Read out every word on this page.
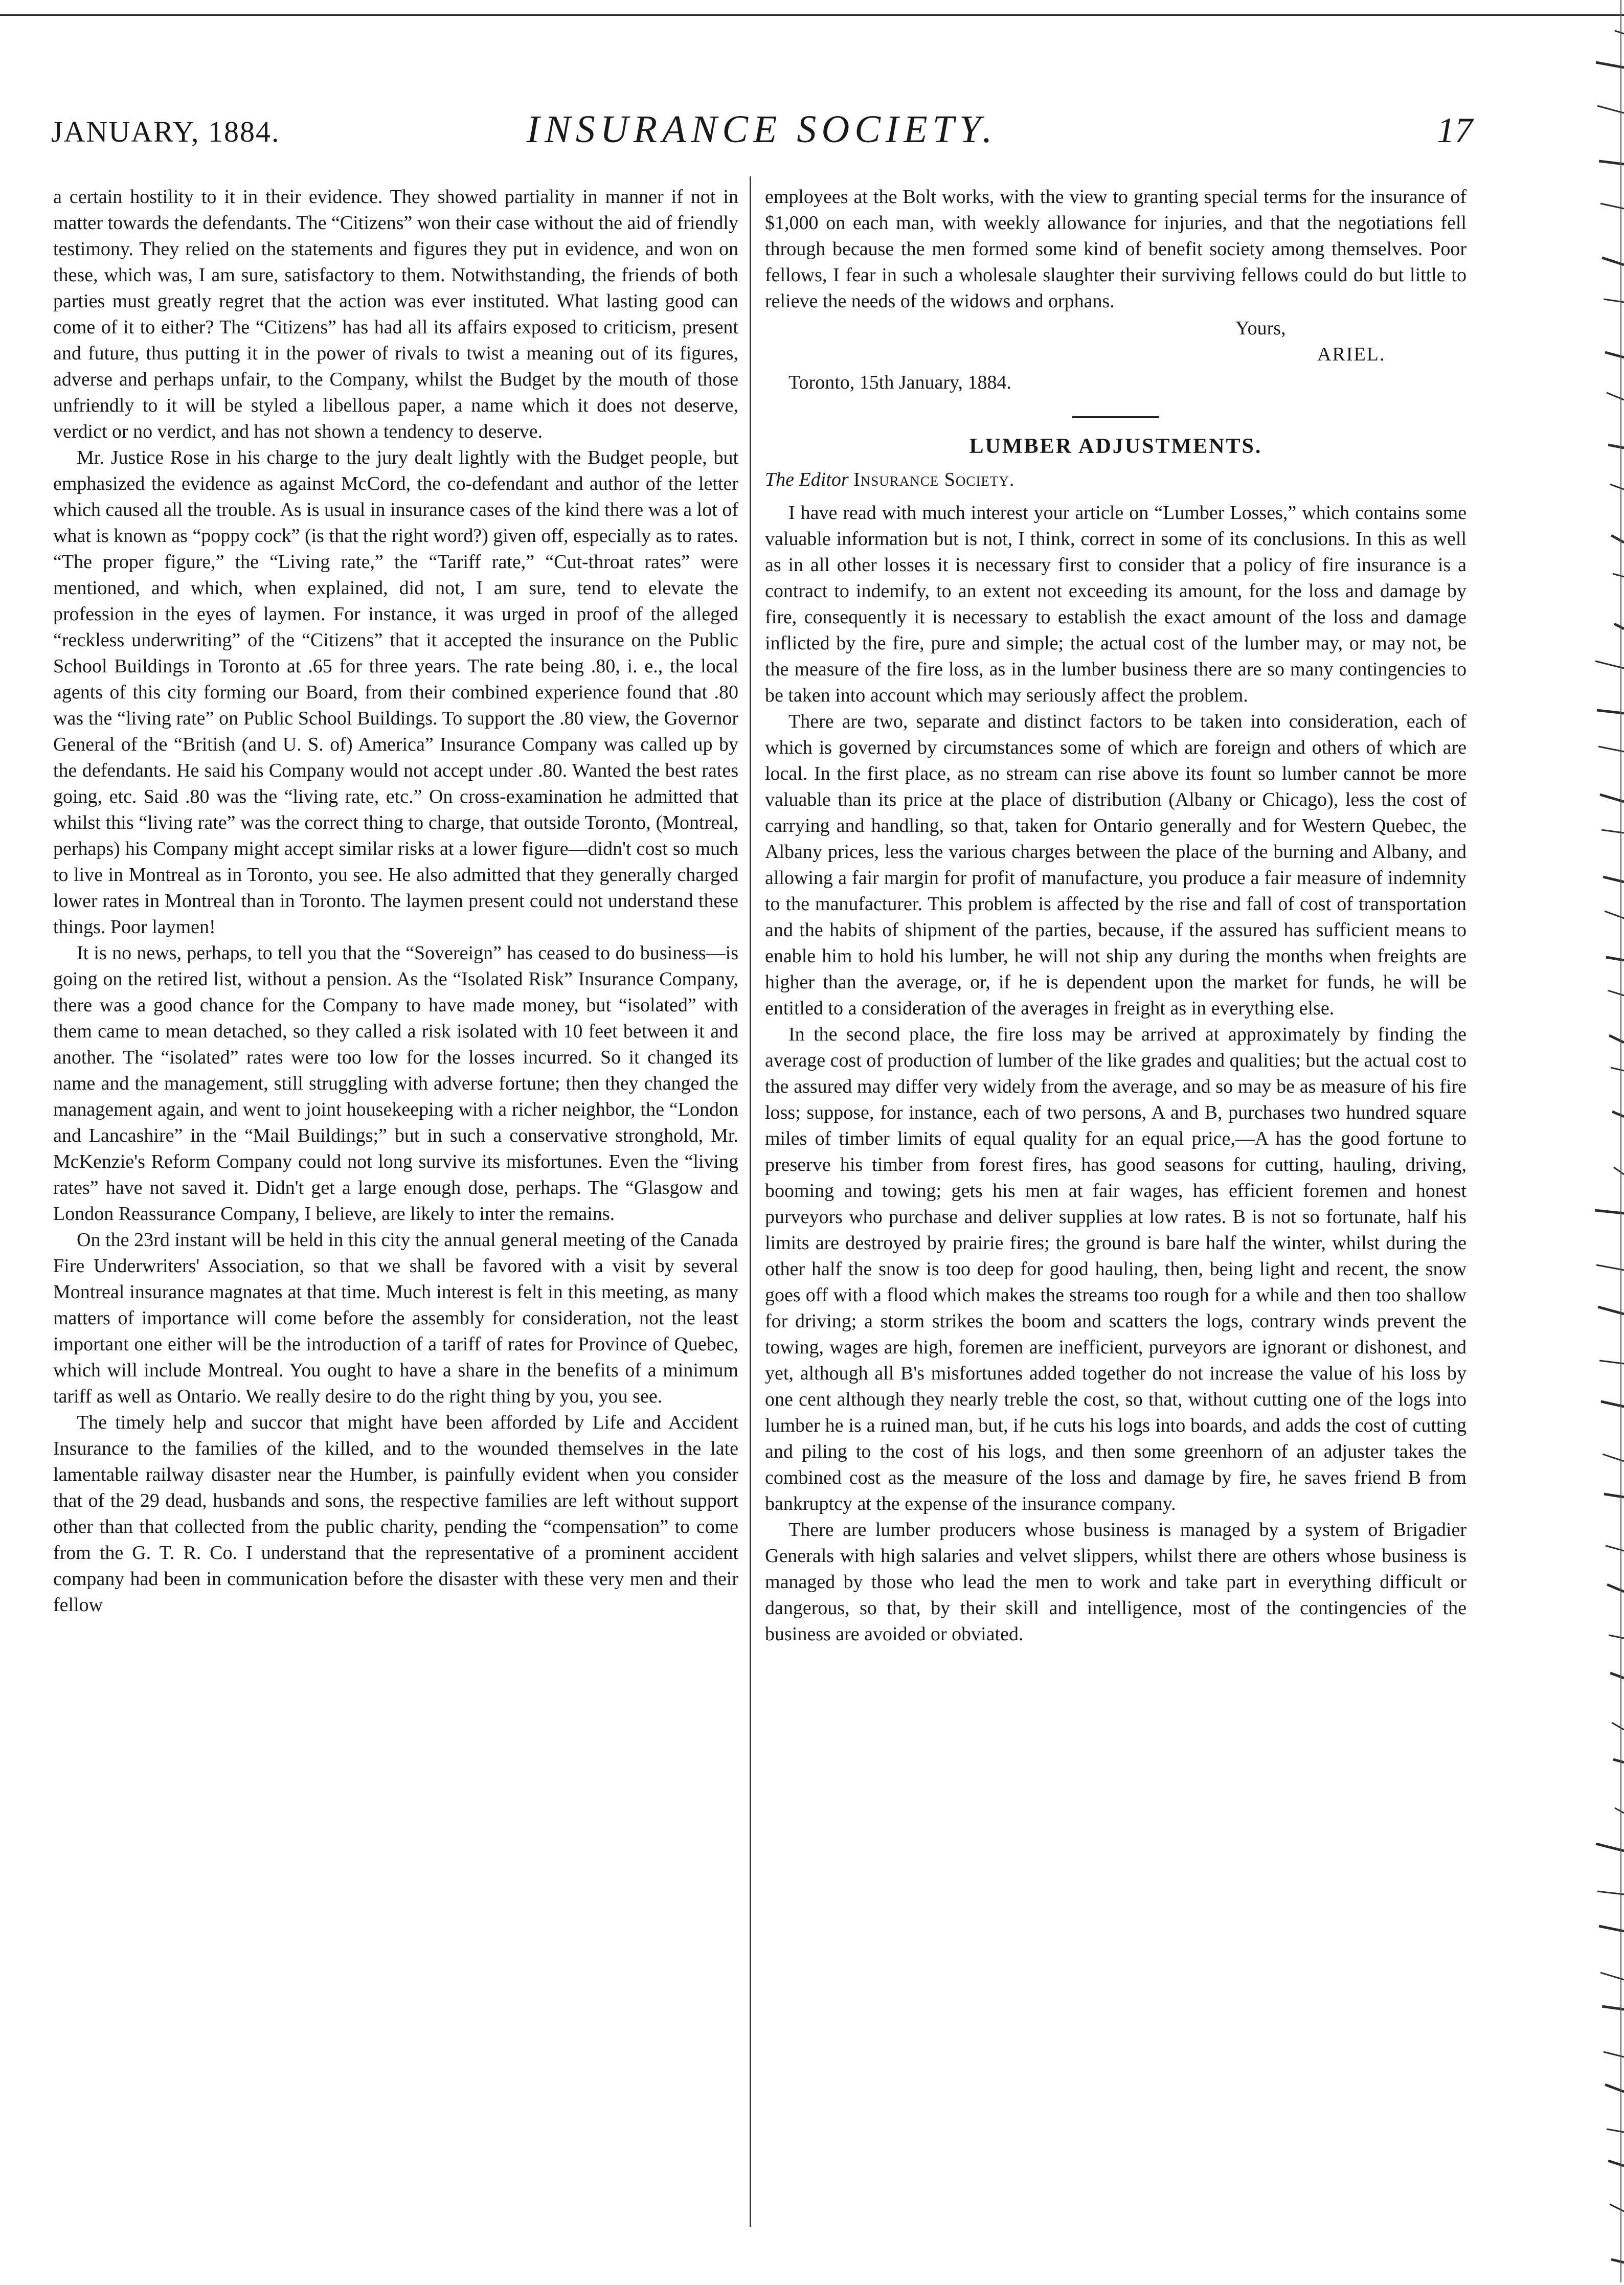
JANUARY, 1884.	INSURANCE SOCIETY.	17

a certain hostility to it in their evidence. They showed partiality in manner if not in matter towards the defendants. The “Citizens” won their case without the aid of friendly testimony. They relied on the statements and figures they put in evidence, and won on these, which was, I am sure, satisfactory to them. Notwithstanding, the friends of both parties must greatly regret that the action was ever instituted. What lasting good can come of it to either? The “Citizens” has had all its affairs exposed to criticism, present and future, thus putting it in the power of rivals to twist a meaning out of its figures, adverse and perhaps unfair, to the Company, whilst the Budget by the mouth of those unfriendly to it will be styled a libellous paper, a name which it does not deserve, verdict or no verdict, and has not shown a tendency to deserve.

Mr. Justice Rose in his charge to the jury dealt lightly with the Budget people, but emphasized the evidence as against McCord, the co-defendant and author of the letter which caused all the trouble. As is usual in insurance cases of the kind there was a lot of what is known as “poppy cock” (is that the right word?) given off, especially as to rates. “The proper figure,” the “Living rate,” the “Tariff rate,” “Cut-throat rates” were mentioned, and which, when explained, did not, I am sure, tend to elevate the profession in the eyes of laymen. For instance, it was urged in proof of the alleged “reckless underwriting” of the “Citizens” that it accepted the insurance on the Public School Buildings in Toronto at .65 for three years. The rate being .80, i. e., the local agents of this city forming our Board, from their combined experience found that .80 was the “living rate” on Public School Buildings. To support the .80 view, the Governor General of the “British (and U. S. of) America” Insurance Company was called up by the defendants. He said his Company would not accept under .80. Wanted the best rates going, etc. Said .80 was the “living rate, etc.” On cross-examination he admitted that whilst this “living rate” was the correct thing to charge, that outside Toronto, (Montreal, perhaps) his Company might accept similar risks at a lower figure—didn't cost so much to live in Montreal as in Toronto, you see. He also admitted that they generally charged lower rates in Montreal than in Toronto. The laymen present could not understand these things. Poor laymen!

It is no news, perhaps, to tell you that the “Sovereign” has ceased to do business—is going on the retired list, without a pension. As the “Isolated Risk” Insurance Company, there was a good chance for the Company to have made money, but “isolated” with them came to mean detached, so they called a risk isolated with 10 feet between it and another. The “isolated” rates were too low for the losses incurred. So it changed its name and the management, still struggling with adverse fortune; then they changed the management again, and went to joint housekeeping with a richer neighbor, the “London and Lancashire” in the “Mail Buildings;” but in such a conservative stronghold, Mr. McKenzie's Reform Company could not long survive its misfortunes. Even the “living rates” have not saved it. Didn't get a large enough dose, perhaps. The “Glasgow and London Reassurance Company, I believe, are likely to inter the remains.

On the 23rd instant will be held in this city the annual general meeting of the Canada Fire Underwriters' Association, so that we shall be favored with a visit by several Montreal insurance magnates at that time. Much interest is felt in this meeting, as many matters of importance will come before the assembly for consideration, not the least important one either will be the introduction of a tariff of rates for Province of Quebec, which will include Montreal. You ought to have a share in the benefits of a minimum tariff as well as Ontario. We really desire to do the right thing by you, you see.

The timely help and succor that might have been afforded by Life and Accident Insurance to the families of the killed, and to the wounded themselves in the late lamentable railway disaster near the Humber, is painfully evident when you consider that of the 29 dead, husbands and sons, the respective families are left without support other than that collected from the public charity, pending the “compensation” to come from the G. T. R. Co. I understand that the representative of a prominent accident company had been in communication before the disaster with these very men and their fellow

employees at the Bolt works, with the view to granting special terms for the insurance of $1,000 on each man, with weekly allowance for injuries, and that the negotiations fell through because the men formed some kind of benefit society among themselves. Poor fellows, I fear in such a wholesale slaughter their surviving fellows could do but little to relieve the needs of the widows and orphans.

Yours,

ARIEL.

Toronto, 15th January, 1884.

LUMBER ADJUSTMENTS.

The Editor Insurance Society.

I have read with much interest your article on “Lumber Losses,” which contains some valuable information but is not, I think, correct in some of its conclusions. In this as well as in all other losses it is necessary first to consider that a policy of fire insurance is a contract to indemify, to an extent not exceeding its amount, for the loss and damage by fire, consequently it is necessary to establish the exact amount of the loss and damage inflicted by the fire, pure and simple; the actual cost of the lumber may, or may not, be the measure of the fire loss, as in the lumber business there are so many contingencies to be taken into account which may seriously affect the problem.

There are two, separate and distinct factors to be taken into consideration, each of which is governed by circumstances some of which are foreign and others of which are local. In the first place, as no stream can rise above its fount so lumber cannot be more valuable than its price at the place of distribution (Albany or Chicago), less the cost of carrying and handling, so that, taken for Ontario generally and for Western Quebec, the Albany prices, less the various charges between the place of the burning and Albany, and allowing a fair margin for profit of manufacture, you produce a fair measure of indemnity to the manufacturer. This problem is affected by the rise and fall of cost of transportation and the habits of shipment of the parties, because, if the assured has sufficient means to enable him to hold his lumber, he will not ship any during the months when freights are higher than the average, or, if he is dependent upon the market for funds, he will be entitled to a consideration of the averages in freight as in everything else.

In the second place, the fire loss may be arrived at approximately by finding the average cost of production of lumber of the like grades and qualities; but the actual cost to the assured may differ very widely from the average, and so may be as measure of his fire loss; suppose, for instance, each of two persons, A and B, purchases two hundred square miles of timber limits of equal quality for an equal price,—A has the good fortune to preserve his timber from forest fires, has good seasons for cutting, hauling, driving, booming and towing; gets his men at fair wages, has efficient foremen and honest purveyors who purchase and deliver supplies at low rates. B is not so fortunate, half his limits are destroyed by prairie fires; the ground is bare half the winter, whilst during the other half the snow is too deep for good hauling, then, being light and recent, the snow goes off with a flood which makes the streams too rough for a while and then too shallow for driving; a storm strikes the boom and scatters the logs, contrary winds prevent the towing, wages are high, foremen are inefficient, purveyors are ignorant or dishonest, and yet, although all B's misfortunes added together do not increase the value of his loss by one cent although they nearly treble the cost, so that, without cutting one of the logs into lumber he is a ruined man, but, if he cuts his logs into boards, and adds the cost of cutting and piling to the cost of his logs, and then some greenhorn of an adjuster takes the combined cost as the measure of the loss and damage by fire, he saves friend B from bankruptcy at the expense of the insurance company.

There are lumber producers whose business is managed by a system of Brigadier Generals with high salaries and velvet slippers, whilst there are others whose business is managed by those who lead the men to work and take part in everything difficult or dangerous, so that, by their skill and intelligence, most of the contingencies of the business are avoided or obviated.
